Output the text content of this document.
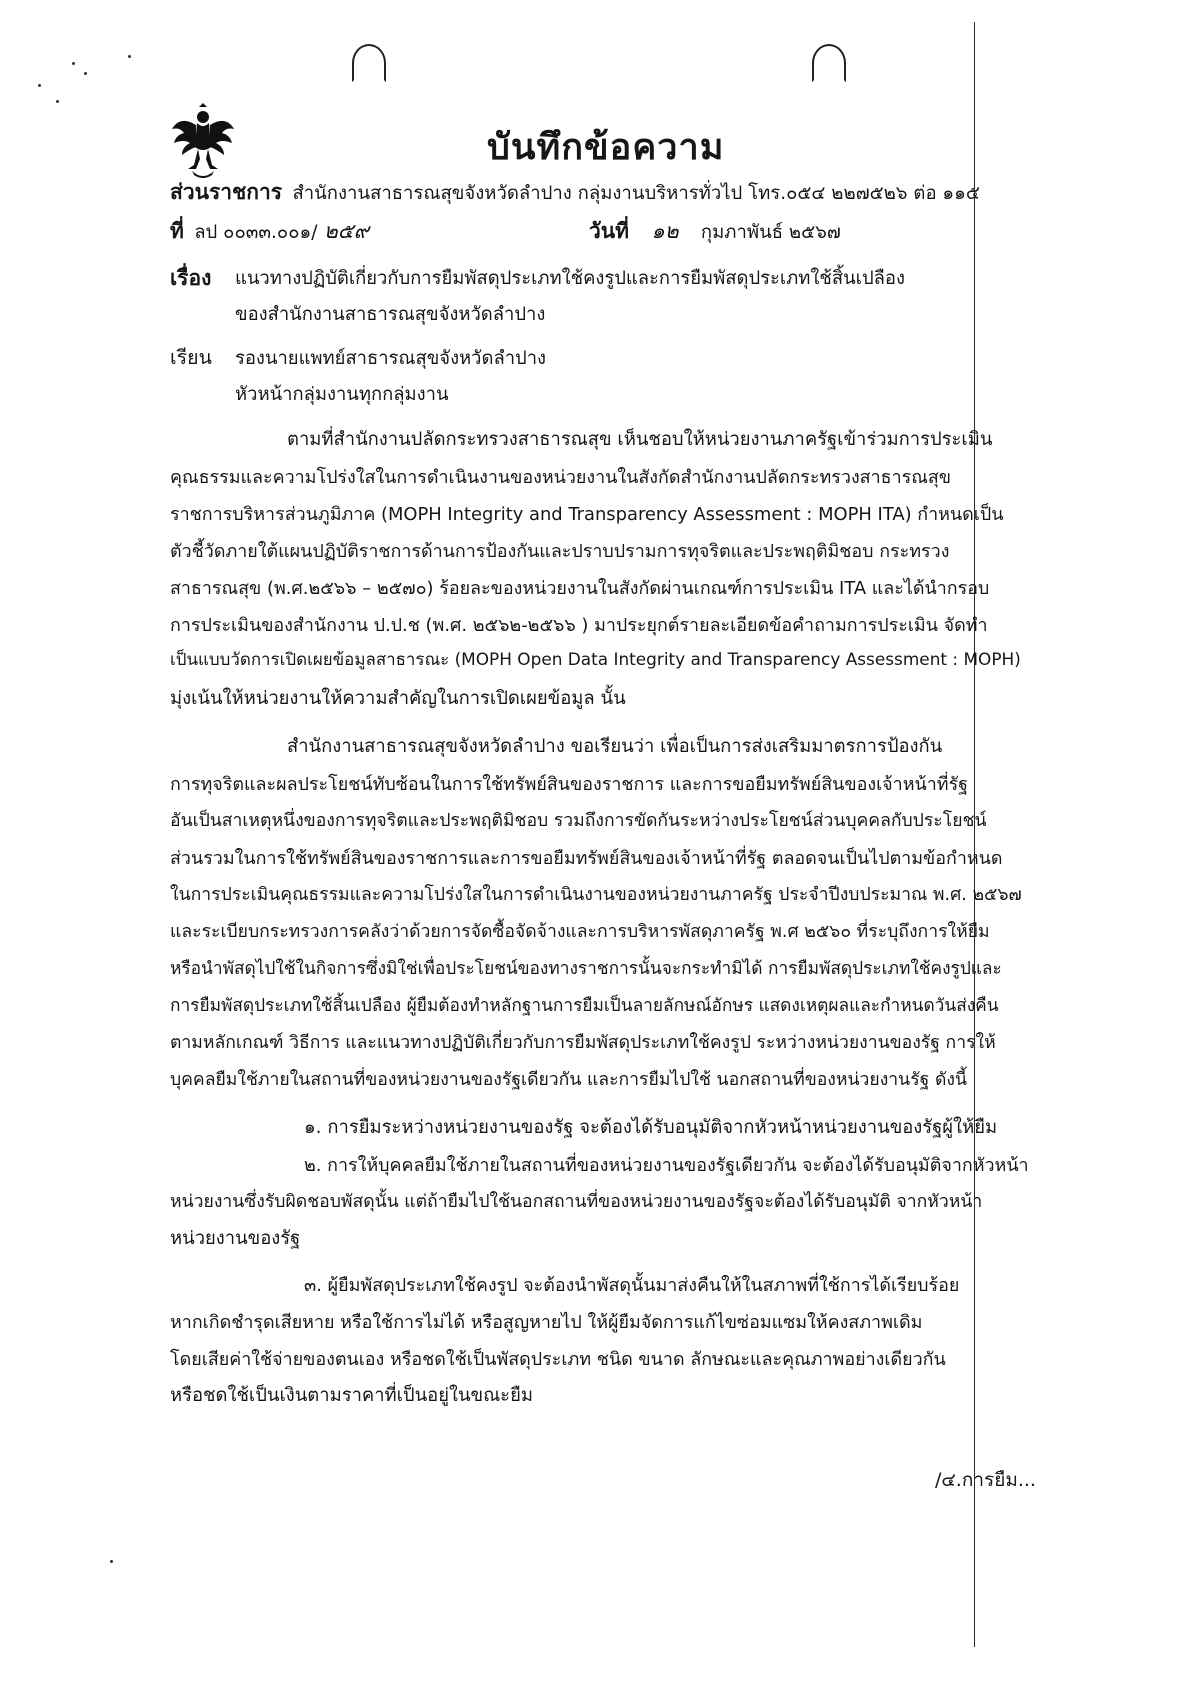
บันทึกข้อความ
ส่วนราชการ สำนักงานสาธารณสุขจังหวัดลำปาง กลุ่มงานบริหารทั่วไป โทร.๐๕๔ ๒๒๗๕๒๖ ต่อ ๑๑๕
ที่ ลป ๐๐๓๓.๐๐๑/ ๒๕๙	วันที่ ๑๒ กุมภาพันธ์ ๒๕๖๗
เรื่อง แนวทางปฏิบัติเกี่ยวกับการยืมพัสดุประเภทใช้คงรูปและการยืมพัสดุประเภทใช้สิ้นเปลือง
ของสำนักงานสาธารณสุขจังหวัดลำปาง
เรียน รองนายแพทย์สาธารณสุขจังหวัดลำปาง
หัวหน้ากลุ่มงานทุกกลุ่มงาน
ตามที่สำนักงานปลัดกระทรวงสาธารณสุข เห็นชอบให้หน่วยงานภาครัฐเข้าร่วมการประเมิน
คุณธรรมและความโปร่งใสในการดำเนินงานของหน่วยงานในสังกัดสำนักงานปลัดกระทรวงสาธารณสุข
ราชการบริหารส่วนภูมิภาค (MOPH Integrity and Transparency Assessment : MOPH ITA) กำหนดเป็น
ตัวชี้วัดภายใต้แผนปฏิบัติราชการด้านการป้องกันและปราบปรามการทุจริตและประพฤติมิชอบ กระทรวง
สาธารณสุข (พ.ศ.๒๕๖๖ – ๒๕๗๐) ร้อยละของหน่วยงานในสังกัดผ่านเกณฑ์การประเมิน ITA และได้นำกรอบ
การประเมินของสำนักงาน ป.ป.ช (พ.ศ. ๒๕๖๒-๒๕๖๖ ) มาประยุกต์รายละเอียดข้อคำถามการประเมิน จัดทำ
เป็นแบบวัดการเปิดเผยข้อมูลสาธารณะ (MOPH Open Data Integrity and Transparency Assessment : MOPH)
มุ่งเน้นให้หน่วยงานให้ความสำคัญในการเปิดเผยข้อมูล นั้น
สำนักงานสาธารณสุขจังหวัดลำปาง ขอเรียนว่า เพื่อเป็นการส่งเสริมมาตรการป้องกัน
การทุจริตและผลประโยชน์ทับซ้อนในการใช้ทรัพย์สินของราชการ และการขอยืมทรัพย์สินของเจ้าหน้าที่รัฐ
อันเป็นสาเหตุหนึ่งของการทุจริตและประพฤติมิชอบ รวมถึงการขัดกันระหว่างประโยชน์ส่วนบุคคลกับประโยชน์
ส่วนรวมในการใช้ทรัพย์สินของราชการและการขอยืมทรัพย์สินของเจ้าหน้าที่รัฐ ตลอดจนเป็นไปตามข้อกำหนด
ในการประเมินคุณธรรมและความโปร่งใสในการดำเนินงานของหน่วยงานภาครัฐ ประจำปีงบประมาณ พ.ศ. ๒๕๖๗
และระเบียบกระทรวงการคลังว่าด้วยการจัดซื้อจัดจ้างและการบริหารพัสดุภาครัฐ พ.ศ ๒๕๖๐ ที่ระบุถึงการให้ยืม
หรือนำพัสดุไปใช้ในกิจการซึ่งมิใช่เพื่อประโยชน์ของทางราชการนั้นจะกระทำมิได้ การยืมพัสดุประเภทใช้คงรูปและ
การยืมพัสดุประเภทใช้สิ้นเปลือง ผู้ยืมต้องทำหลักฐานการยืมเป็นลายลักษณ์อักษร แสดงเหตุผลและกำหนดวันส่งคืน
ตามหลักเกณฑ์ วิธีการ และแนวทางปฏิบัติเกี่ยวกับการยืมพัสดุประเภทใช้คงรูป ระหว่างหน่วยงานของรัฐ การให้
บุคคลยืมใช้ภายในสถานที่ของหน่วยงานของรัฐเดียวกัน และการยืมไปใช้ นอกสถานที่ของหน่วยงานรัฐ ดังนี้
๑. การยืมระหว่างหน่วยงานของรัฐ จะต้องได้รับอนุมัติจากหัวหน้าหน่วยงานของรัฐผู้ให้ยืม
๒. การให้บุคคลยืมใช้ภายในสถานที่ของหน่วยงานของรัฐเดียวกัน จะต้องได้รับอนุมัติจากหัวหน้า
หน่วยงานซึ่งรับผิดชอบพัสดุนั้น แต่ถ้ายืมไปใช้นอกสถานที่ของหน่วยงานของรัฐจะต้องได้รับอนุมัติ จากหัวหน้า
หน่วยงานของรัฐ
๓. ผู้ยืมพัสดุประเภทใช้คงรูป จะต้องนำพัสดุนั้นมาส่งคืนให้ในสภาพที่ใช้การได้เรียบร้อย
หากเกิดชำรุดเสียหาย หรือใช้การไม่ได้ หรือสูญหายไป ให้ผู้ยืมจัดการแก้ไขซ่อมแซมให้คงสภาพเดิม
โดยเสียค่าใช้จ่ายของตนเอง หรือชดใช้เป็นพัสดุประเภท ชนิด ขนาด ลักษณะและคุณภาพอย่างเดียวกัน
หรือชดใช้เป็นเงินตามราคาที่เป็นอยู่ในขณะยืม
/๔.การยืม...
